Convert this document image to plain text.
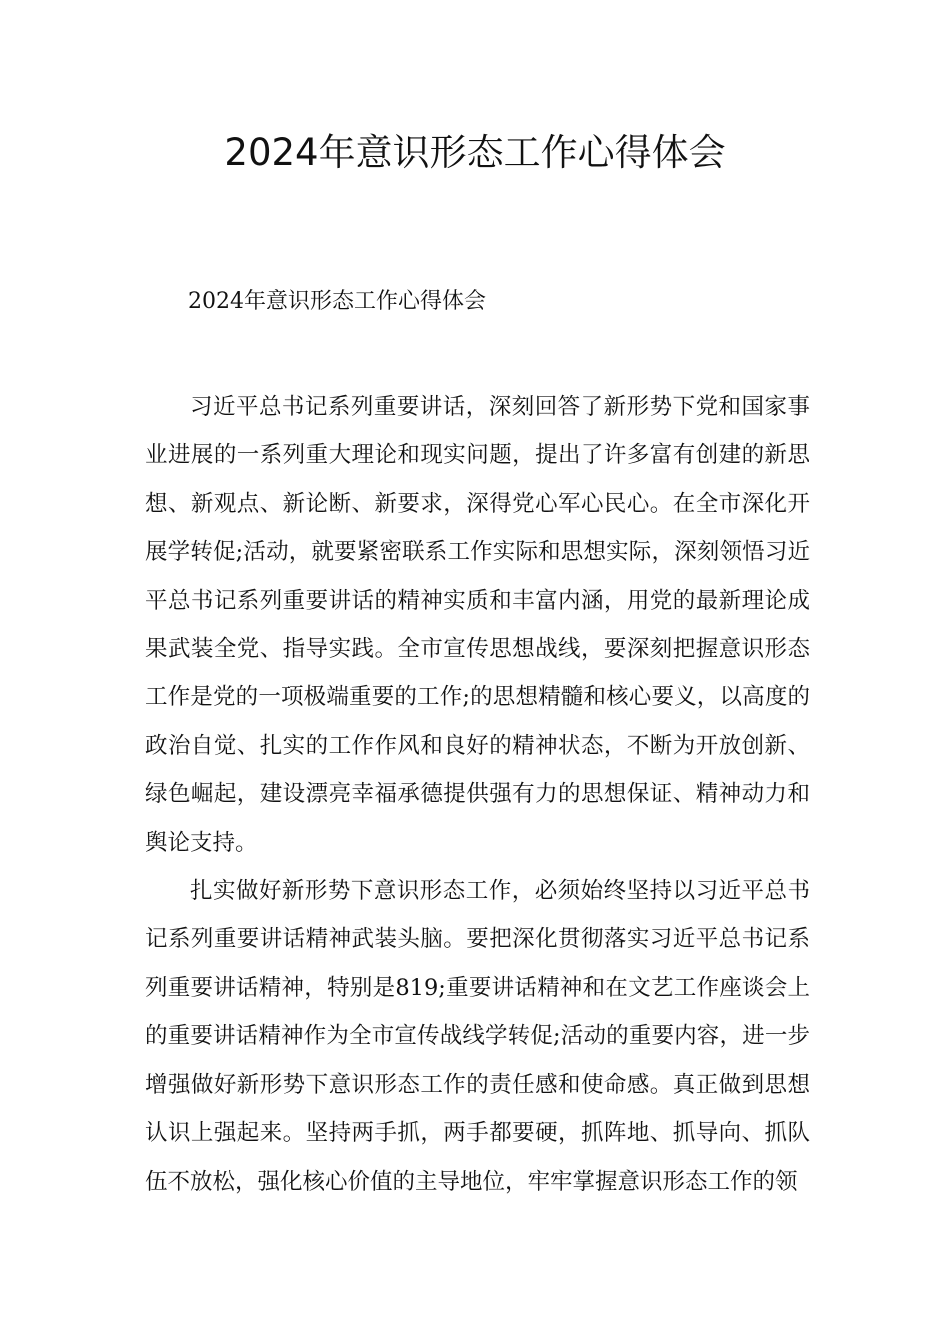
2024年意识形态工作心得体会

2024年意识形态工作心得体会

习近平总书记系列重要讲话，深刻回答了新形势下党和国家事业进展的一系列重大理论和现实问题，提出了许多富有创建的新思想、新观点、新论断、新要求，深得党心军心民心。在全市深化开展学转促;活动，就要紧密联系工作实际和思想实际，深刻领悟习近平总书记系列重要讲话的精神实质和丰富内涵，用党的最新理论成果武装全党、指导实践。全市宣传思想战线，要深刻把握意识形态工作是党的一项极端重要的工作;的思想精髓和核心要义，以高度的政治自觉、扎实的工作作风和良好的精神状态，不断为开放创新、绿色崛起，建设漂亮幸福承德提供强有力的思想保证、精神动力和舆论支持。

扎实做好新形势下意识形态工作，必须始终坚持以习近平总书记系列重要讲话精神武装头脑。要把深化贯彻落实习近平总书记系列重要讲话精神，特别是819;重要讲话精神和在文艺工作座谈会上的重要讲话精神作为全市宣传战线学转促;活动的重要内容，进一步增强做好新形势下意识形态工作的责任感和使命感。真正做到思想认识上强起来。坚持两手抓，两手都要硬，抓阵地、抓导向、抓队伍不放松，强化核心价值的主导地位，牢牢掌握意识形态工作的领
